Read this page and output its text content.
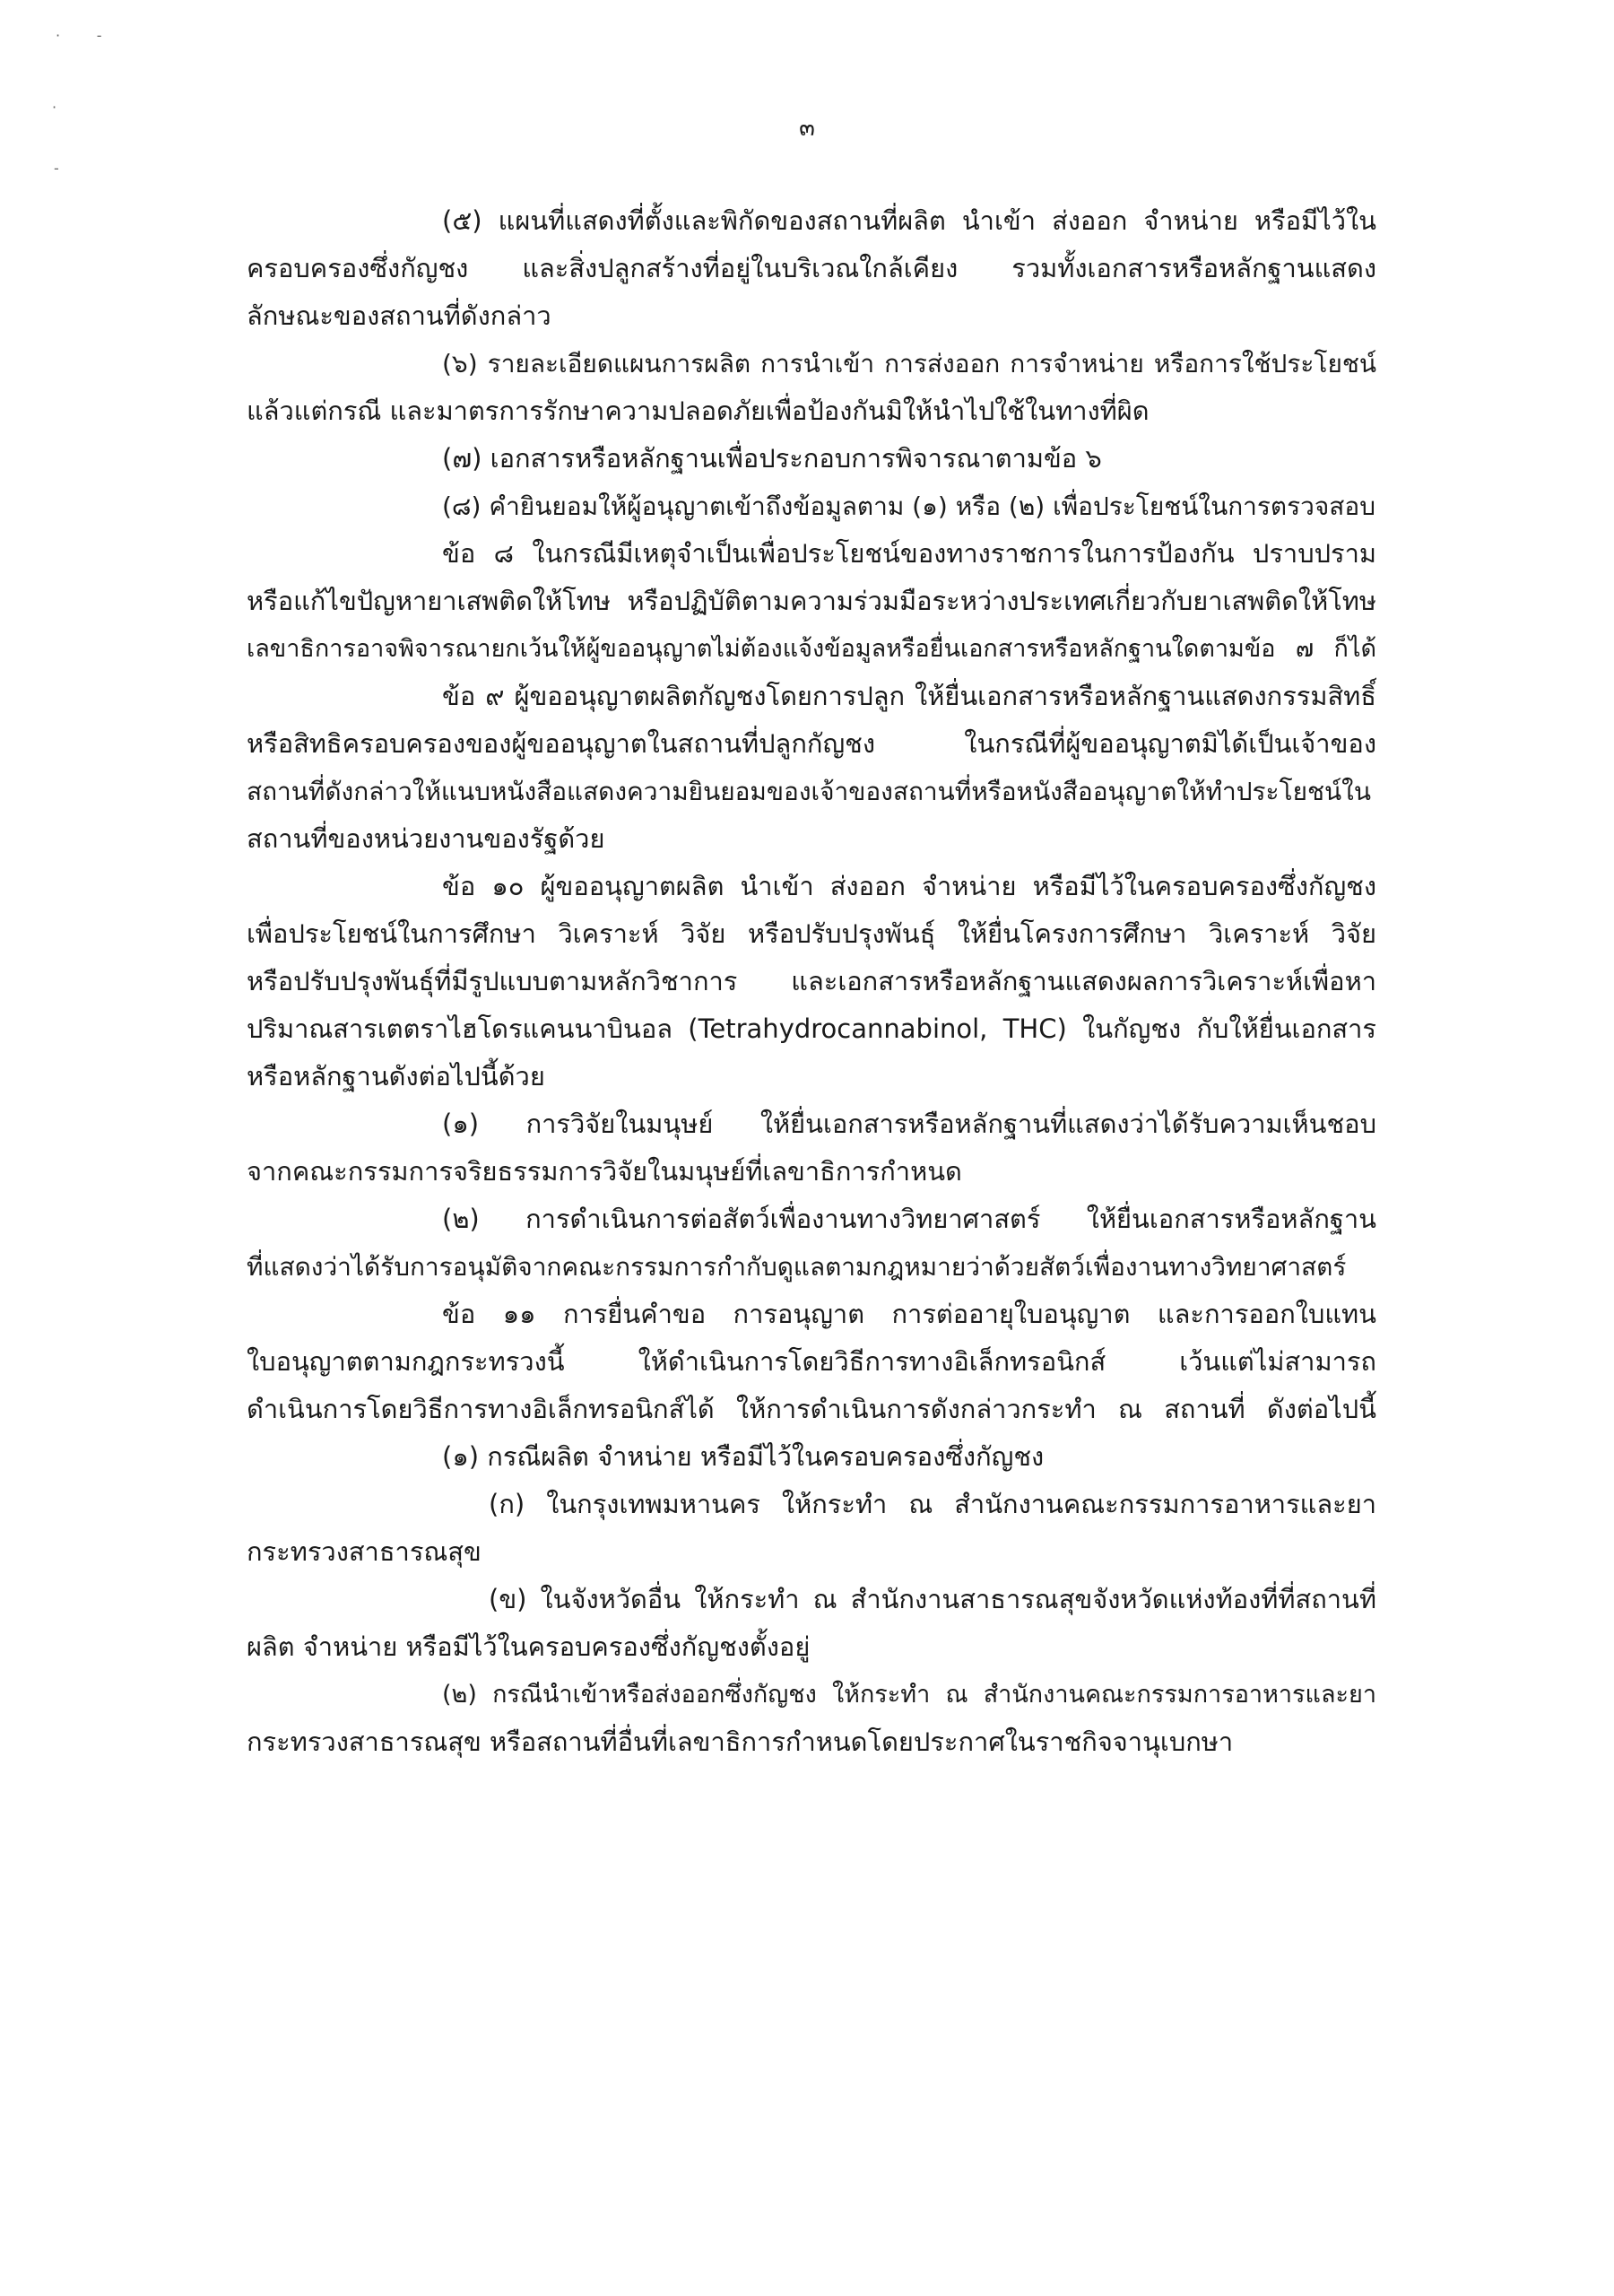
·        -
·
-
๓
(๕) แผนที่แสดงที่ตั้งและพิกัดของสถานที่ผลิต นำเข้า ส่งออก จำหน่าย หรือมีไว้ใน
ครอบครองซึ่งกัญชง และสิ่งปลูกสร้างที่อยู่ในบริเวณใกล้เคียง รวมทั้งเอกสารหรือหลักฐานแสดง
ลักษณะของสถานที่ดังกล่าว
(๖) รายละเอียดแผนการผลิต การนำเข้า การส่งออก การจำหน่าย หรือการใช้ประโยชน์
แล้วแต่กรณี และมาตรการรักษาความปลอดภัยเพื่อป้องกันมิให้นำไปใช้ในทางที่ผิด
(๗) เอกสารหรือหลักฐานเพื่อประกอบการพิจารณาตามข้อ ๖
(๘) คำยินยอมให้ผู้อนุญาตเข้าถึงข้อมูลตาม (๑) หรือ (๒) เพื่อประโยชน์ในการตรวจสอบ
ข้อ ๘ ในกรณีมีเหตุจำเป็นเพื่อประโยชน์ของทางราชการในการป้องกัน ปราบปราม
หรือแก้ไขปัญหายาเสพติดให้โทษ หรือปฏิบัติตามความร่วมมือระหว่างประเทศเกี่ยวกับยาเสพติดให้โทษ
เลขาธิการอาจพิจารณายกเว้นให้ผู้ขออนุญาตไม่ต้องแจ้งข้อมูลหรือยื่นเอกสารหรือหลักฐานใดตามข้อ ๗ ก็ได้
ข้อ ๙ ผู้ขออนุญาตผลิตกัญชงโดยการปลูก ให้ยื่นเอกสารหรือหลักฐานแสดงกรรมสิทธิ์
หรือสิทธิครอบครองของผู้ขออนุญาตในสถานที่ปลูกกัญชง ในกรณีที่ผู้ขออนุญาตมิได้เป็นเจ้าของ
สถานที่ดังกล่าวให้แนบหนังสือแสดงความยินยอมของเจ้าของสถานที่หรือหนังสืออนุญาตให้ทำประโยชน์ใน
สถานที่ของหน่วยงานของรัฐด้วย
ข้อ ๑๐ ผู้ขออนุญาตผลิต นำเข้า ส่งออก จำหน่าย หรือมีไว้ในครอบครองซึ่งกัญชง
เพื่อประโยชน์ในการศึกษา วิเคราะห์ วิจัย หรือปรับปรุงพันธุ์ ให้ยื่นโครงการศึกษา วิเคราะห์ วิจัย
หรือปรับปรุงพันธุ์ที่มีรูปแบบตามหลักวิชาการ และเอกสารหรือหลักฐานแสดงผลการวิเคราะห์เพื่อหา
ปริมาณสารเตตราไฮโดรแคนนาบินอล (Tetrahydrocannabinol, THC) ในกัญชง กับให้ยื่นเอกสาร
หรือหลักฐานดังต่อไปนี้ด้วย
(๑) การวิจัยในมนุษย์ ให้ยื่นเอกสารหรือหลักฐานที่แสดงว่าได้รับความเห็นชอบ
จากคณะกรรมการจริยธรรมการวิจัยในมนุษย์ที่เลขาธิการกำหนด
(๒) การดำเนินการต่อสัตว์เพื่องานทางวิทยาศาสตร์ ให้ยื่นเอกสารหรือหลักฐาน
ที่แสดงว่าได้รับการอนุมัติจากคณะกรรมการกำกับดูแลตามกฎหมายว่าด้วยสัตว์เพื่องานทางวิทยาศาสตร์
ข้อ ๑๑ การยื่นคำขอ การอนุญาต การต่ออายุใบอนุญาต และการออกใบแทน
ใบอนุญาตตามกฎกระทรวงนี้ ให้ดำเนินการโดยวิธีการทางอิเล็กทรอนิกส์ เว้นแต่ไม่สามารถ
ดำเนินการโดยวิธีการทางอิเล็กทรอนิกส์ได้ ให้การดำเนินการดังกล่าวกระทำ ณ สถานที่ ดังต่อไปนี้
(๑) กรณีผลิต จำหน่าย หรือมีไว้ในครอบครองซึ่งกัญชง
(ก) ในกรุงเทพมหานคร ให้กระทำ ณ สำนักงานคณะกรรมการอาหารและยา
กระทรวงสาธารณสุข
(ข) ในจังหวัดอื่น ให้กระทำ ณ สำนักงานสาธารณสุขจังหวัดแห่งท้องที่ที่สถานที่
ผลิต จำหน่าย หรือมีไว้ในครอบครองซึ่งกัญชงตั้งอยู่
(๒) กรณีนำเข้าหรือส่งออกซึ่งกัญชง ให้กระทำ ณ สำนักงานคณะกรรมการอาหารและยา
กระทรวงสาธารณสุข หรือสถานที่อื่นที่เลขาธิการกำหนดโดยประกาศในราชกิจจานุเบกษา
